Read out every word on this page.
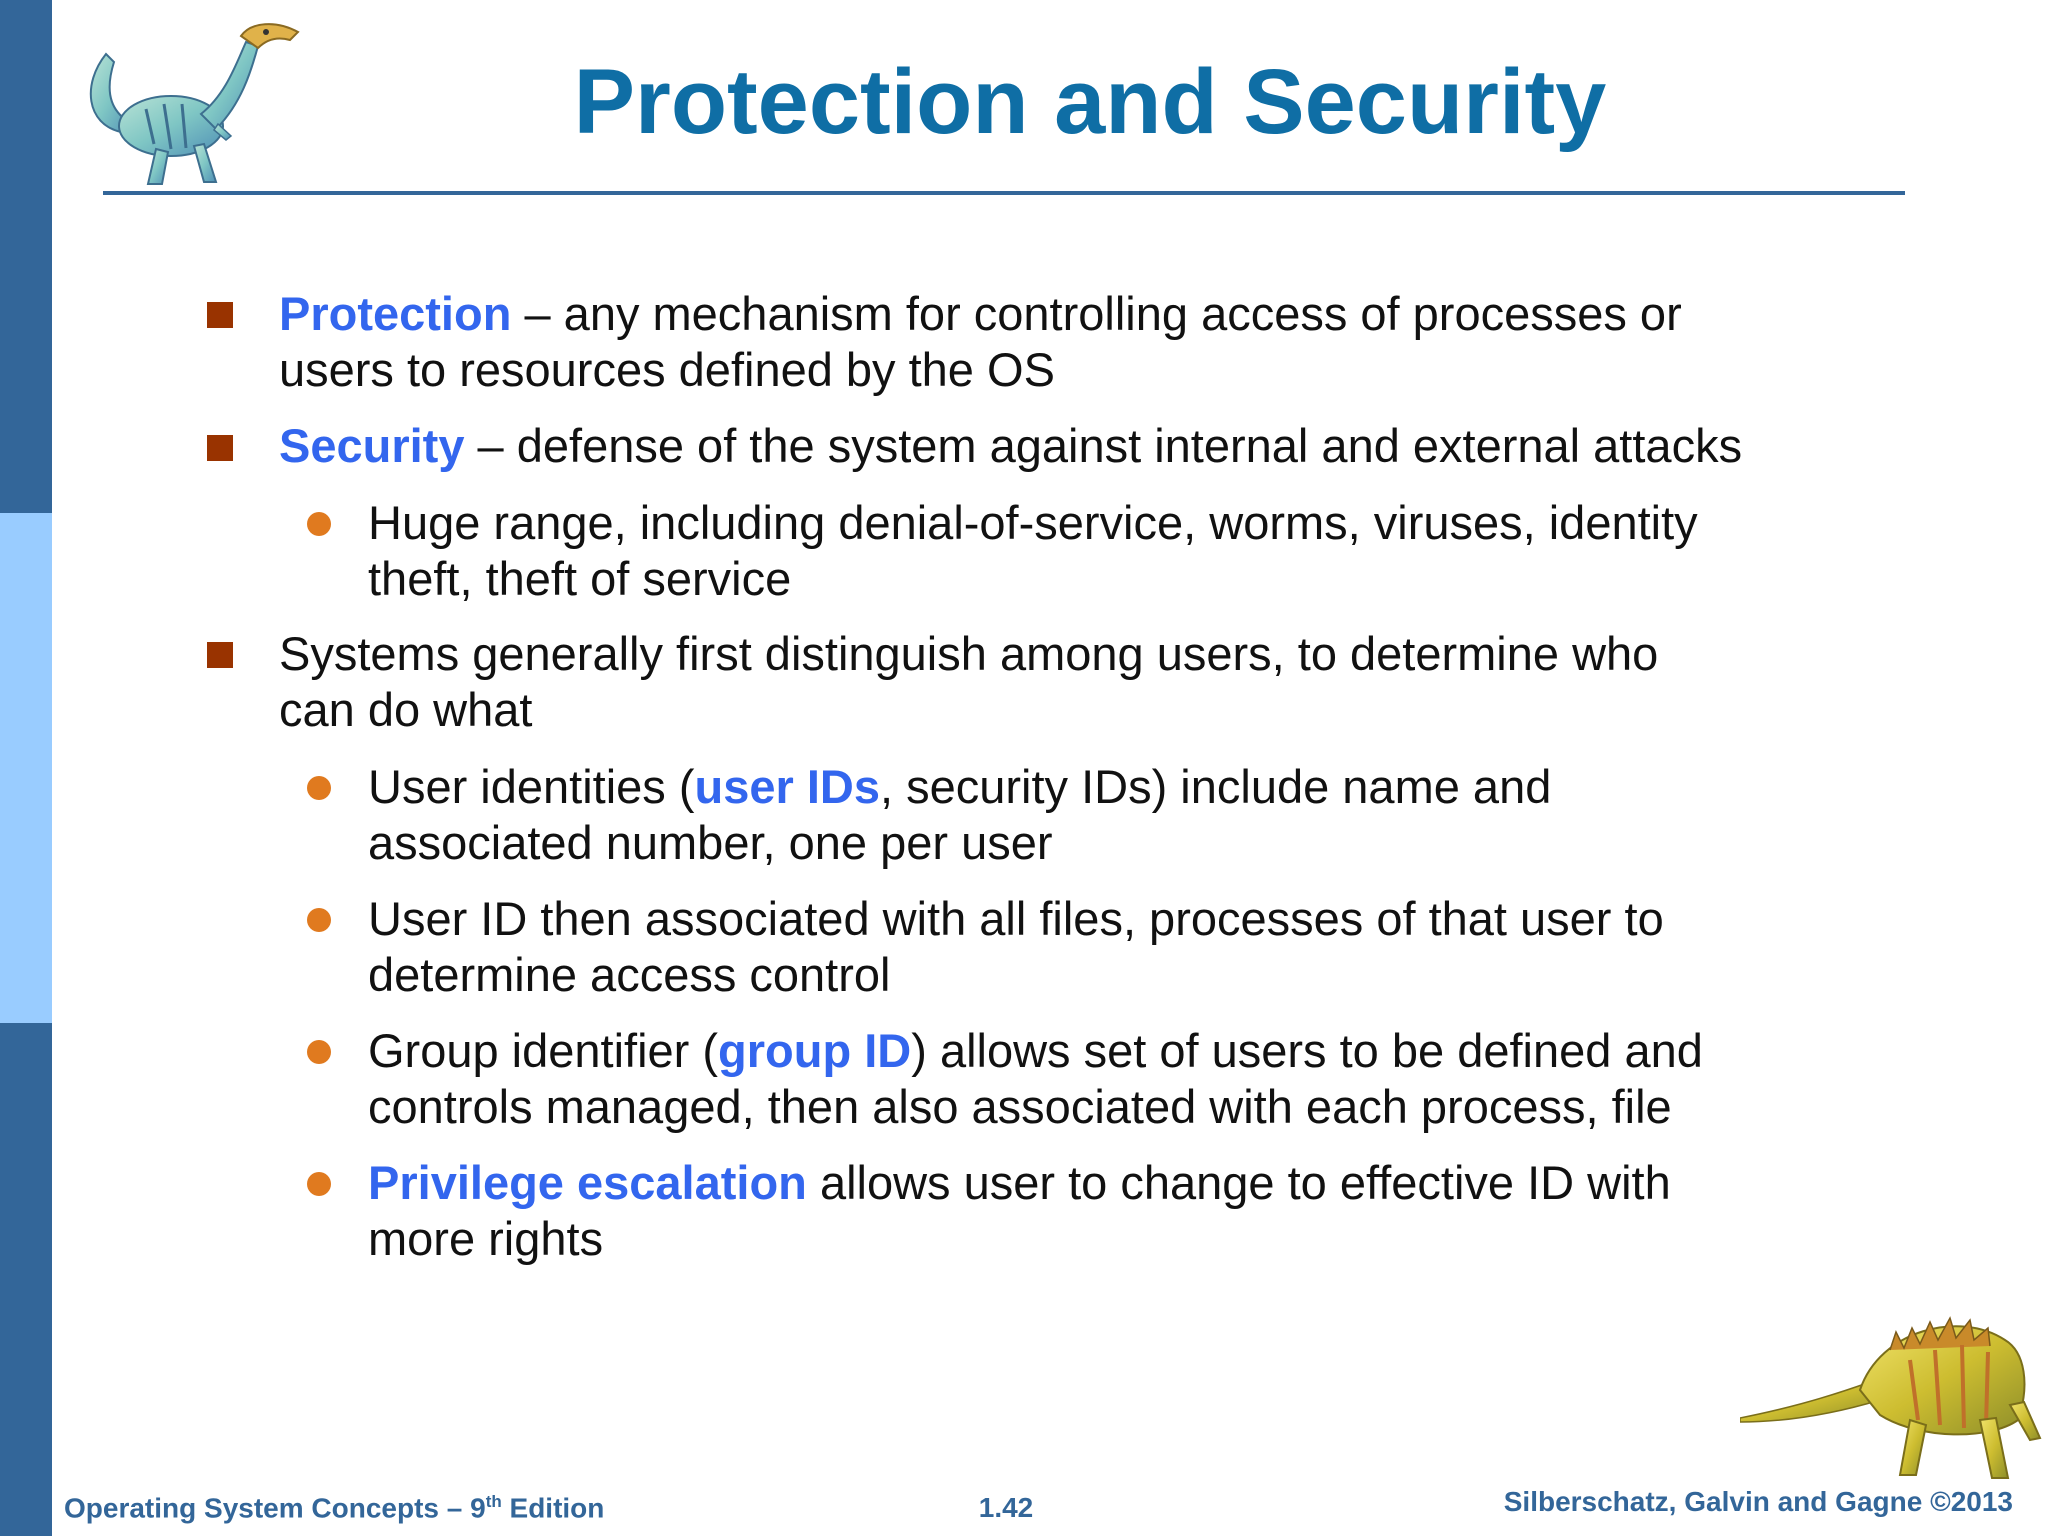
Protection and Security
Protection – any mechanism for controlling access of processes or
users to resources defined by the OS
Security – defense of the system against internal and external attacks
Huge range, including denial-of-service, worms, viruses, identity
theft, theft of service
Systems generally first distinguish among users, to determine who
can do what
User identities (user IDs, security IDs) include name and
associated number, one per user
User ID then associated with all files, processes of that user to
determine access control
Group identifier (group ID) allows set of users to be defined and
controls managed, then also associated with each process, file
Privilege escalation allows user to change to effective ID with
more rights
Operating System Concepts – 9th Edition	1.42	Silberschatz, Galvin and Gagne ©2013
